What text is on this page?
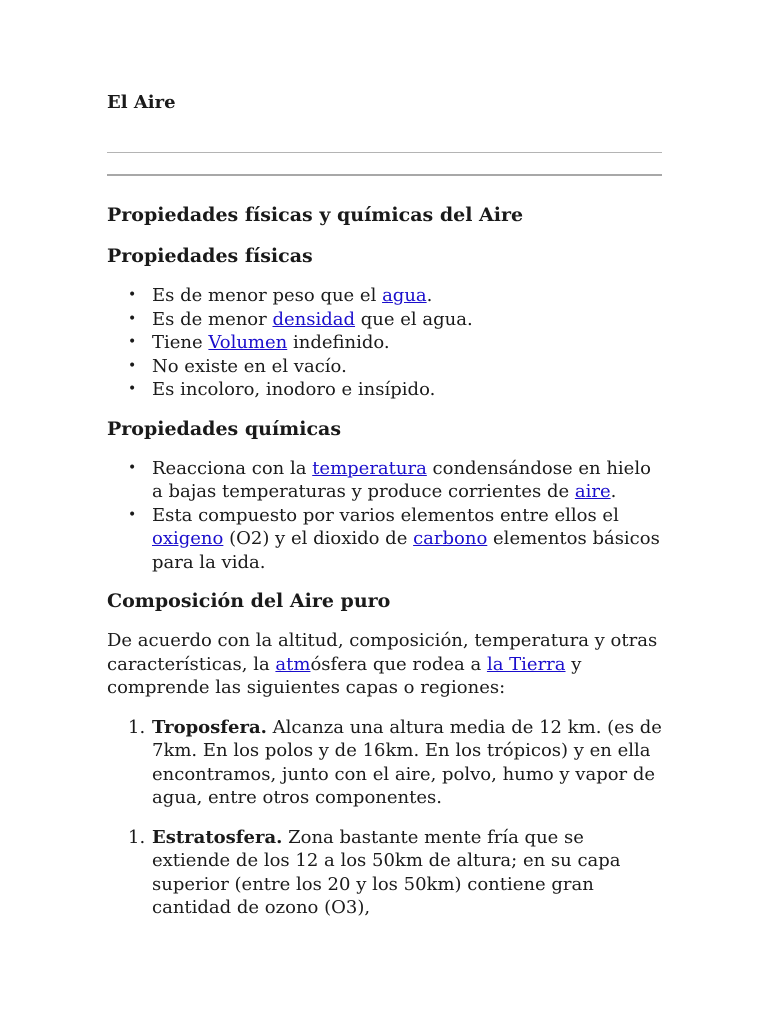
El Aire
Propiedades físicas y químicas del Aire
Propiedades físicas
• Es de menor peso que el agua.
• Es de menor densidad que el agua.
• Tiene Volumen indefinido.
• No existe en el vacío.
• Es incoloro, inodoro e insípido.
Propiedades químicas
• Reacciona con la temperatura condensándose en hielo a bajas temperaturas y produce corrientes de aire.
• Esta compuesto por varios elementos entre ellos el oxigeno (O2) y el dioxido de carbono elementos básicos para la vida.
Composición del Aire puro

De acuerdo con la altitud, composición, temperatura y otras características, la atmósfera que rodea a la Tierra y comprende las siguientes capas o regiones:

1. Troposfera. Alcanza una altura media de 12 km. (es de 7km. En los polos y de 16km. En los trópicos) y en ella encontramos, junto con el aire, polvo, humo y vapor de agua, entre otros componentes.
1. Estratosfera. Zona bastante mente fría que se extiende de los 12 a los 50km de altura; en su capa superior (entre los 20 y los 50km) contiene gran cantidad de ozono (O3),
